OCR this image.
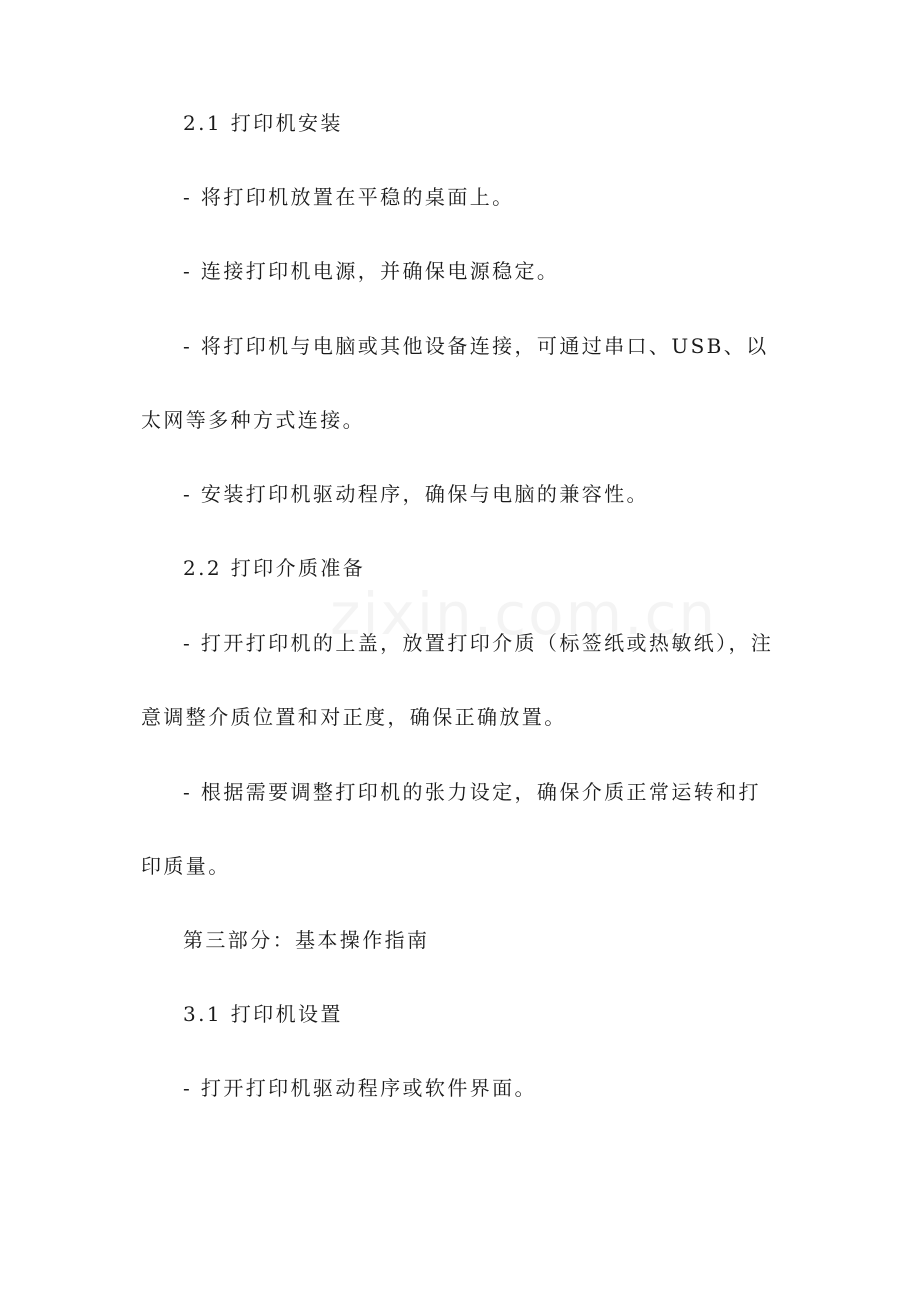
2.1 打印机安装

- 将打印机放置在平稳的桌面上。

- 连接打印机电源，并确保电源稳定。

- 将打印机与电脑或其他设备连接，可通过串口、USB、以太网等多种方式连接。

- 安装打印机驱动程序，确保与电脑的兼容性。

2.2 打印介质准备

- 打开打印机的上盖，放置打印介质（标签纸或热敏纸），注意调整介质位置和对正度，确保正确放置。

- 根据需要调整打印机的张力设定，确保介质正常运转和打印质量。

第三部分：基本操作指南

3.1 打印机设置

- 打开打印机驱动程序或软件界面。
